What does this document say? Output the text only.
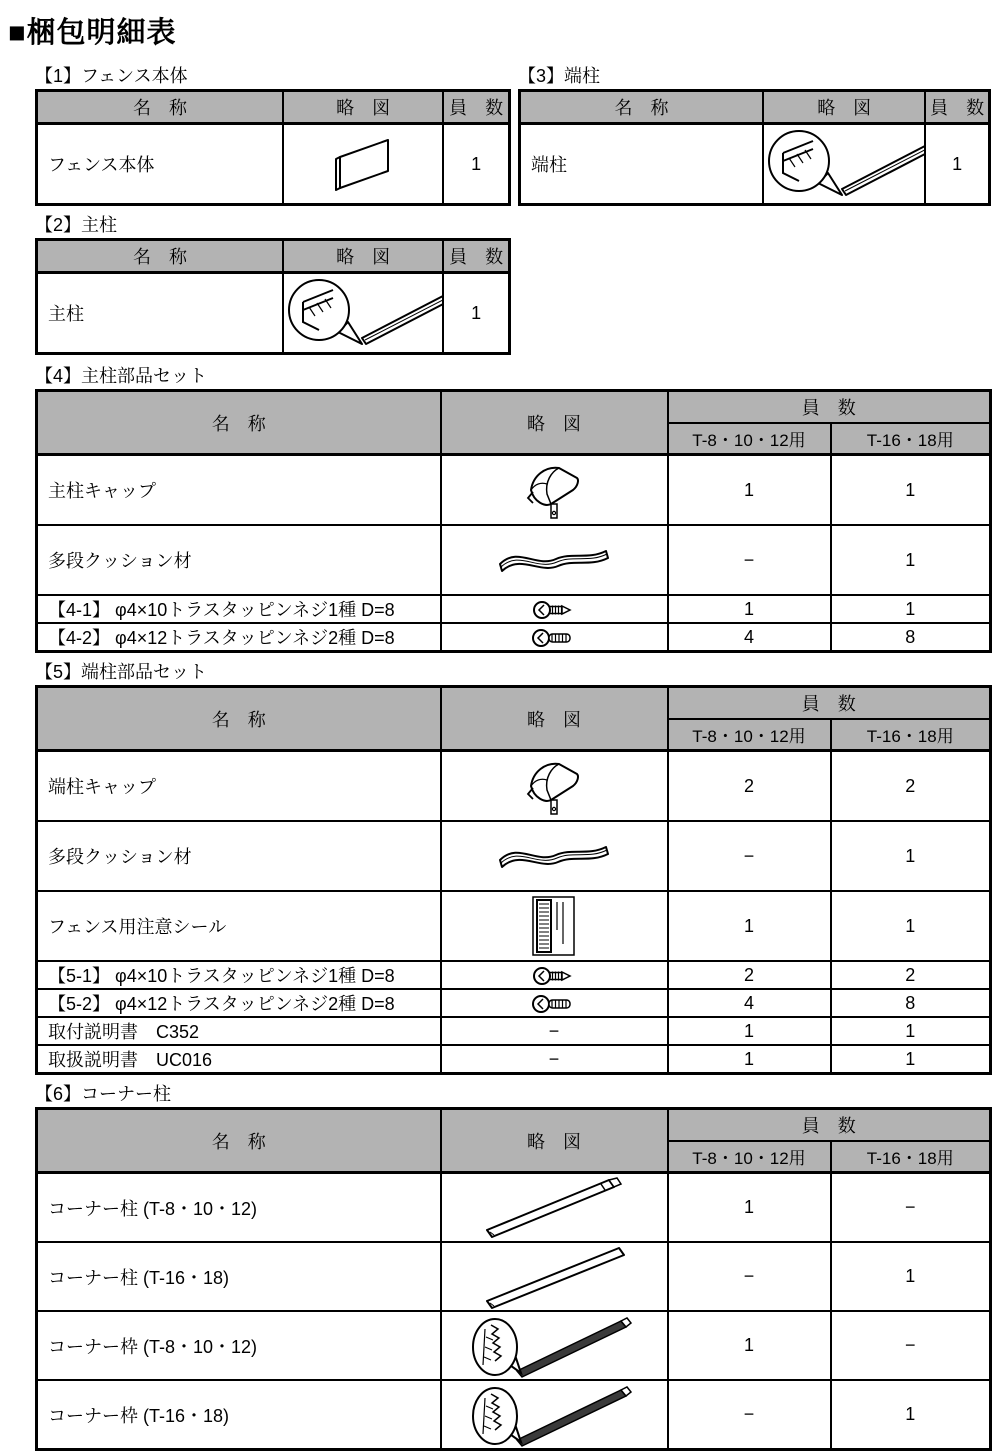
■梱包明細表
【1】フェンス本体
名　称	略　図	員　数
フェンス本体		1
【2】主柱
名　称	略　図	員　数
主柱		1
【3】端柱
名　称	略　図	員　数
端柱		1
【4】主柱部品セット
名　称	略　図	員　数	
		T-8・10・12用	T-16・18用
主柱キャップ		1	1
多段クッション材		−	1
【4-1】 φ4×10トラスタッピンネジ1種 D=8		1	1
【4-2】 φ4×12トラスタッピンネジ2種 D=8		4	8
【5】端柱部品セット
名　称	略　図	員　数	
		T-8・10・12用	T-16・18用
端柱キャップ		2	2
多段クッション材		−	1
フェンス用注意シール		1	1
【5-1】 φ4×10トラスタッピンネジ1種 D=8		2	2
【5-2】 φ4×12トラスタッピンネジ2種 D=8		4	8
取付説明書　C352	−	1	1
取扱説明書　UC016	−	1	1
【6】コーナー柱
名　称	略　図	員　数	
		T-8・10・12用	T-16・18用
コーナー柱 (T-8・10・12)		1	−
コーナー柱 (T-16・18)		−	1
コーナー枠 (T-8・10・12)		1	−
コーナー枠 (T-16・18)		−	1
